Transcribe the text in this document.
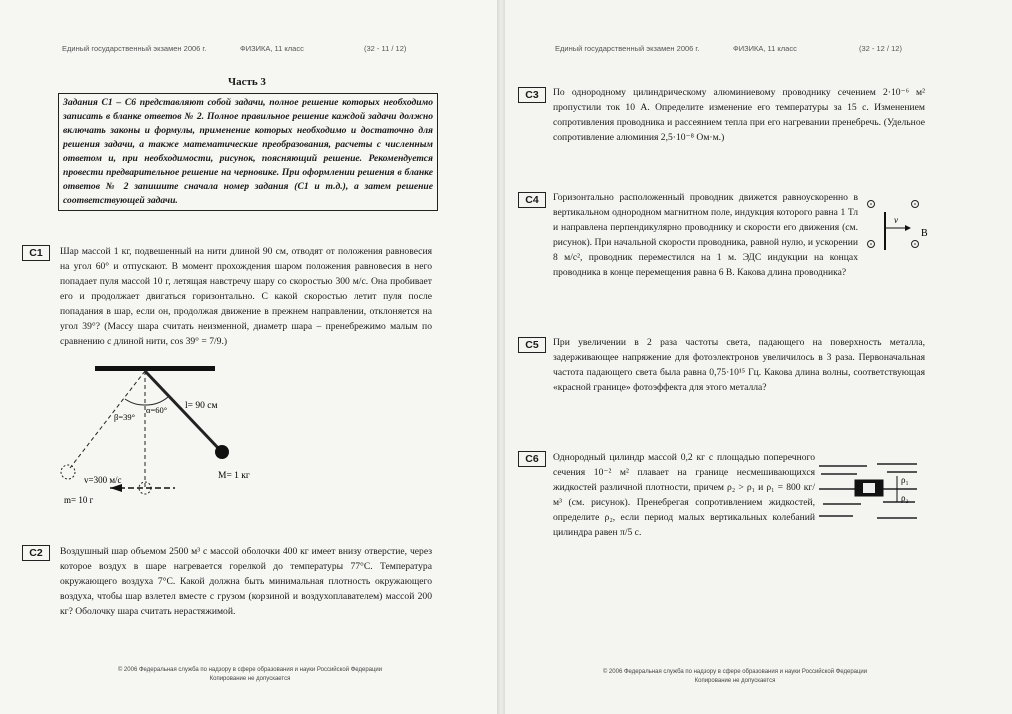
Единый государственный экзамен 2006 г.	ФИЗИКА, 11 класс	(32 - 11 / 12)
Часть 3
Задания С1 – С6 представляют собой задачи, полное решение которых необходимо записать в бланке ответов № 2. Полное правильное решение каждой задачи должно включать законы и формулы, применение которых необходимо и достаточно для решения задачи, а также математические преобразования, расчеты с численным ответом и, при необходимости, рисунок, поясняющий решение. Рекомендуется провести предварительное решение на черновике. При оформлении решения в бланке ответов № 2 запишите сначала номер задания (С1 и т.д.), а затем решение соответствующей задачи.
С1	Шар массой 1 кг, подвешенный на нити длиной 90 см, отводят от положения равновесия на угол 60° и отпускают. В момент прохождения шаром положения равновесия в него попадает пуля массой 10 г, летящая навстречу шару со скоростью 300 м/с. Она пробивает его и продолжает двигаться горизонтально. С какой скоростью летит пуля после попадания в шар, если он, продолжая движение в прежнем направлении, отклоняется на угол 39°? (Массу шара считать неизменной, диаметр шара – пренебрежимо малым по сравнению с длиной нити, cos 39° = 7/9.)
l= 90 см
α=60°
β=39°
v=300 м/с
m= 10 г
M= 1 кг
С2	Воздушный шар объемом 2500 м³ с массой оболочки 400 кг имеет внизу отверстие, через которое воздух в шаре нагревается горелкой до температуры 77°С. Температура окружающего воздуха 7°С. Какой должна быть минимальная плотность окружающего воздуха, чтобы шар взлетел вместе с грузом (корзиной и воздухоплавателем) массой 200 кг? Оболочку шара считать нерастяжимой.
© 2006 Федеральная служба по надзору в сфере образования и науки Российской Федерации
Копирование не допускается
Единый государственный экзамен 2006 г.	ФИЗИКА, 11 класс	(32 - 12 / 12)
С3	По однородному цилиндрическому алюминиевому проводнику сечением 2·10⁻⁶ м² пропустили ток 10 А. Определите изменение его температуры за 15 с. Изменением сопротивления проводника и рассеянием тепла при его нагревании пренебречь. (Удельное сопротивление алюминия 2,5·10⁻⁸ Ом·м.)
С4	Горизонтально расположенный проводник движется равноускоренно в вертикальном однородном магнитном поле, индукция которого равна 1 Тл и направлена перпендикулярно проводнику и скорости его движения (см. рисунок). При начальной скорости проводника, равной нулю, и ускорении 8 м/с², проводник переместился на 1 м. ЭДС индукции на концах проводника в конце перемещения равна 6 В. Какова длина проводника?
v
B
С5	При увеличении в 2 раза частоты света, падающего на поверхность металла, задерживающее напряжение для фотоэлектронов увеличилось в 3 раза. Первоначальная частота падающего света была равна 0,75·10¹⁵ Гц. Какова длина волны, соответствующая «красной границе» фотоэффекта для этого металла?
С6	Однородный цилиндр массой 0,2 кг с площадью поперечного сечения 10⁻² м² плавает на границе несмешивающихся жидкостей различной плотности, причем ρ₂ > ρ₁ и ρ₁ = 800 кг/м³ (см. рисунок). Пренебрегая сопротивлением жидкостей, определите ρ₂, если период малых вертикальных колебаний цилиндра равен π/5 с.
ρ₁
ρ₂
© 2006 Федеральная служба по надзору в сфере образования и науки Российской Федерации
Копирование не допускается
